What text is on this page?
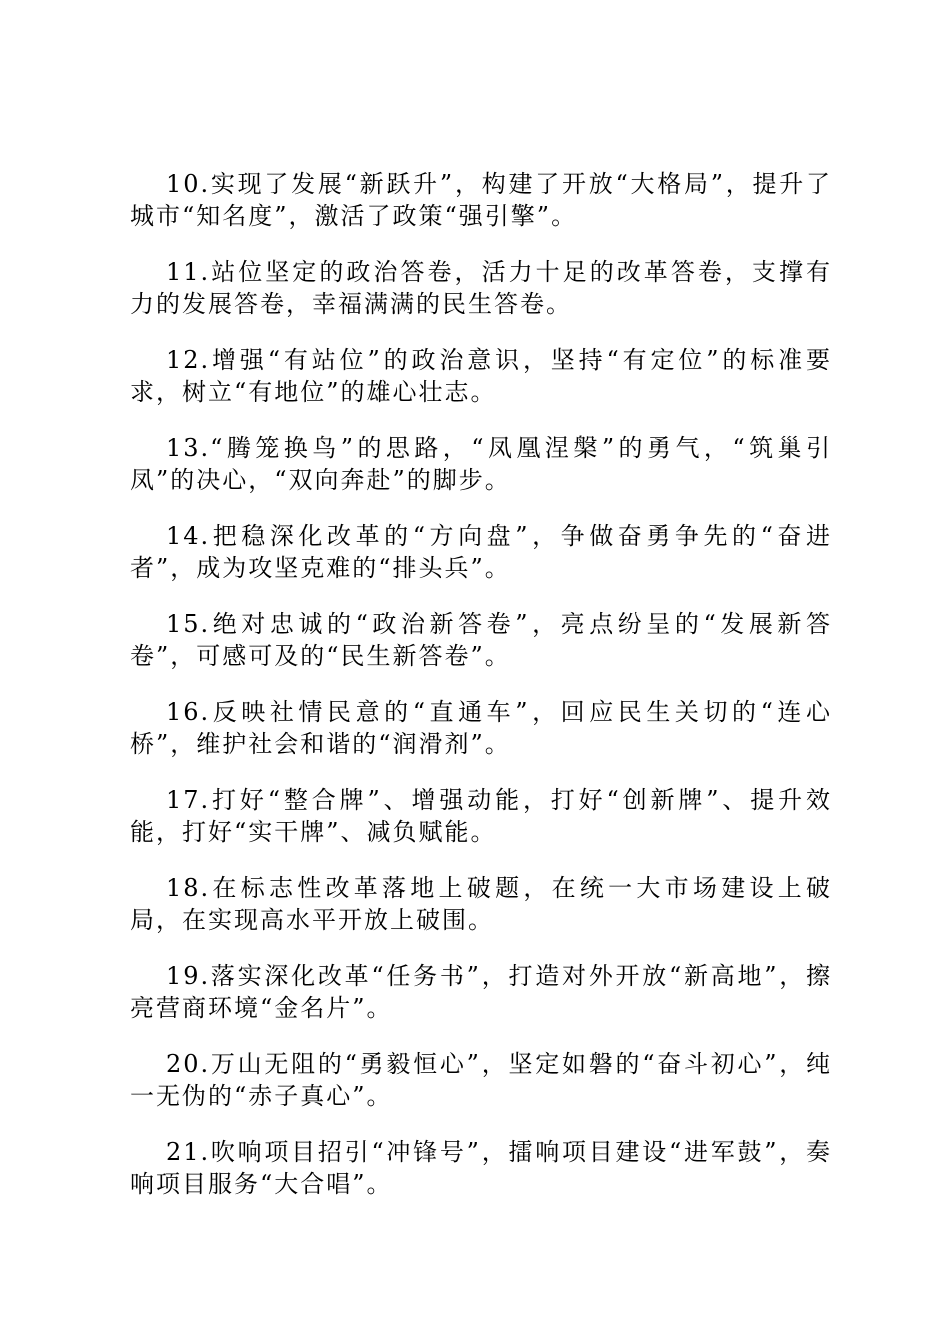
10.实现了发展“新跃升”，构建了开放“大格局”，提升了城市“知名度”，激活了政策“强引擎”。

11.站位坚定的政治答卷，活力十足的改革答卷，支撑有力的发展答卷，幸福满满的民生答卷。

12.增强“有站位”的政治意识，坚持“有定位”的标准要求，树立“有地位”的雄心壮志。

13.“腾笼换鸟”的思路，“凤凰涅槃”的勇气，“筑巢引凤”的决心，“双向奔赴”的脚步。

14.把稳深化改革的“方向盘”，争做奋勇争先的“奋进者”，成为攻坚克难的“排头兵”。

15.绝对忠诚的“政治新答卷”，亮点纷呈的“发展新答卷”，可感可及的“民生新答卷”。

16.反映社情民意的“直通车”，回应民生关切的“连心桥”，维护社会和谐的“润滑剂”。

17.打好“整合牌”、增强动能，打好“创新牌”、提升效能，打好“实干牌”、减负赋能。

18.在标志性改革落地上破题，在统一大市场建设上破局，在实现高水平开放上破围。

19.落实深化改革“任务书”，打造对外开放“新高地”，擦亮营商环境“金名片”。

20.万山无阻的“勇毅恒心”，坚定如磐的“奋斗初心”，纯一无伪的“赤子真心”。

21.吹响项目招引“冲锋号”，擂响项目建设“进军鼓”，奏响项目服务“大合唱”。
